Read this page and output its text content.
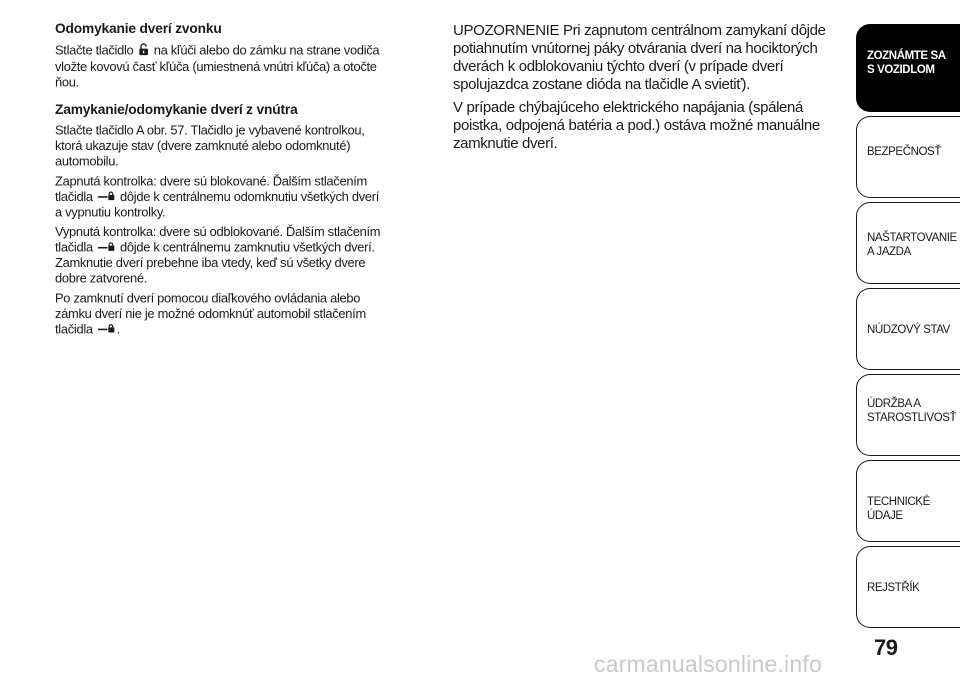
Odomykanie dverí zvonku

Stlačte tlačidlo na kľúči alebo do zámku na strane vodiča vložte kovovú časť kľúča (umiestnená vnútri kľúča) a otočte ňou.

Zamykanie/odomykanie dverí z vnútra

Stlačte tlačidlo A obr. 57. Tlačidlo je vybavené kontrolkou, ktorá ukazuje stav (dvere zamknuté alebo odomknuté) automobilu.

Zapnutá kontrolka: dvere sú blokované. Ďalším stlačením tlačidla dôjde k centrálnemu odomknutiu všetkých dverí a vypnutiu kontrolky.

Vypnutá kontrolka: dvere sú odblokované. Ďalším stlačením tlačidla dôjde k centrálnemu zamknutiu všetkých dverí. Zamknutie dverí prebehne iba vtedy, keď sú všetky dvere dobre zatvorené.

Po zamknutí dverí pomocou diaľkového ovládania alebo zámku dverí nie je možné odomknúť automobil stlačením tlačidla .

UPOZORNENIE Pri zapnutom centrálnom zamykaní dôjde potiahnutím vnútornej páky otvárania dverí na hociktorých dverách k odblokovaniu týchto dverí (v prípade dverí spolujazdca zostane dióda na tlačidle A svietiť).

V prípade chýbajúceho elektrického napájania (spálená poistka, odpojená batéria a pod.) ostáva možné manuálne zamknutie dverí.

ZOZNÁMTE SA S VOZIDLOM
BEZPEČNOSŤ
NAŠTARTOVANIE A JAZDA
NÚDZOVÝ STAV
ÚDRŽBA A STAROSTLIVOSŤ
TECHNICKÉ ÚDAJE
REJSTŘÍK
79
carmanualsonline.info
